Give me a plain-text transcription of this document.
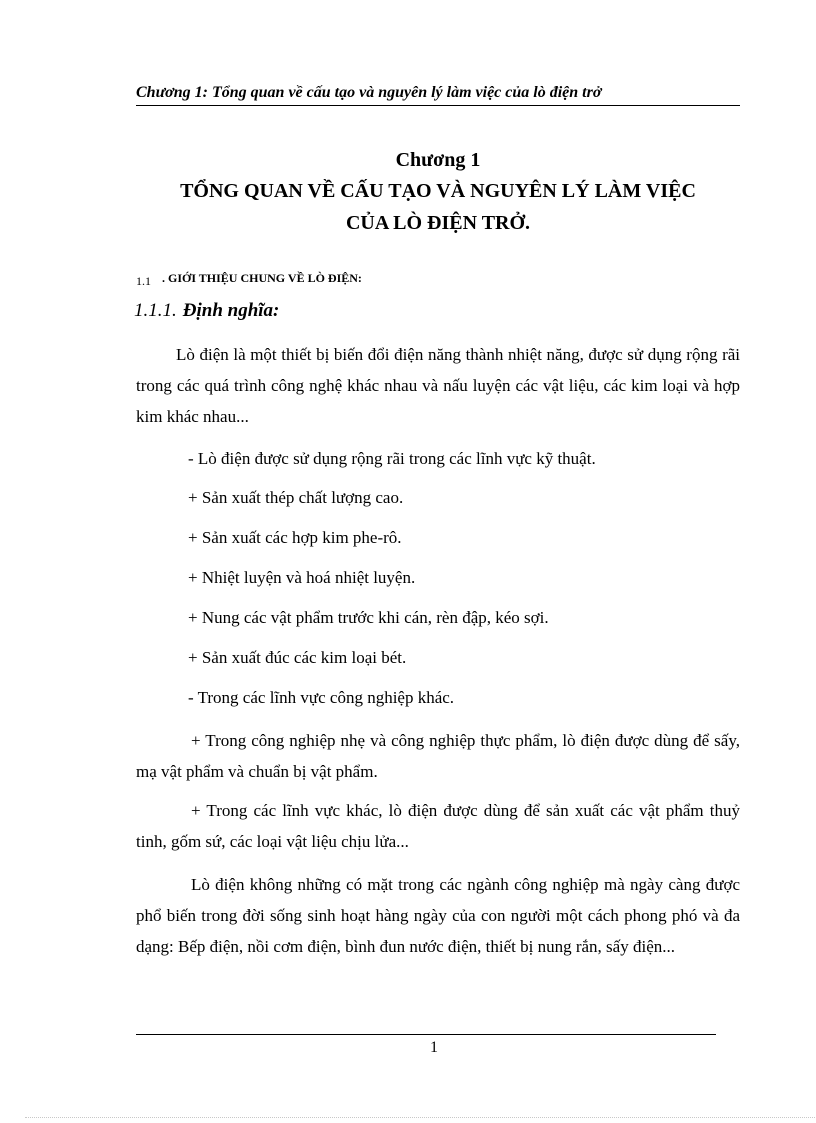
Chương 1: Tổng quan về cấu tạo và nguyên lý làm việc của lò điện trở
Chương 1
TỔNG QUAN VỀ CẤU TẠO VÀ NGUYÊN LÝ LÀM VIỆC
CỦA LÒ ĐIỆN TRỞ.
1.1 . GIỚI THIỆU CHUNG VỀ LÒ ĐIỆN:
1.1.1. Định nghĩa:
Lò điện là một thiết bị biến đổi điện năng thành nhiệt năng, được sử dụng rộng rãi trong các quá trình công nghệ khác nhau và nấu luyện các vật liệu, các kim loại và hợp kim khác nhau...
- Lò điện được sử dụng rộng rãi trong các lĩnh vực kỹ thuật.
+ Sản xuất thép chất lượng cao.
+ Sản xuất các hợp kim phe-rô.
+ Nhiệt luyện và hoá nhiệt luyện.
+ Nung các vật phẩm trước khi cán, rèn đập, kéo sợi.
+ Sản xuất đúc các kim loại bét.
- Trong các lĩnh vực công nghiệp khác.
+ Trong công nghiệp nhẹ và công nghiệp thực phẩm, lò điện được dùng để sấy, mạ vật phẩm và chuẩn bị vật phẩm.
+ Trong các lĩnh vực khác, lò điện được dùng để sản xuất các vật phẩm thuỷ tinh, gốm sứ, các loại vật liệu chịu lửa...
Lò điện không những có mặt trong các ngành công nghiệp mà ngày càng được phổ biến trong đời sống sinh hoạt hàng ngày của con người một cách phong phó và đa dạng: Bếp điện, nồi cơm điện, bình đun nước điện, thiết bị nung rắn, sấy điện...
1
